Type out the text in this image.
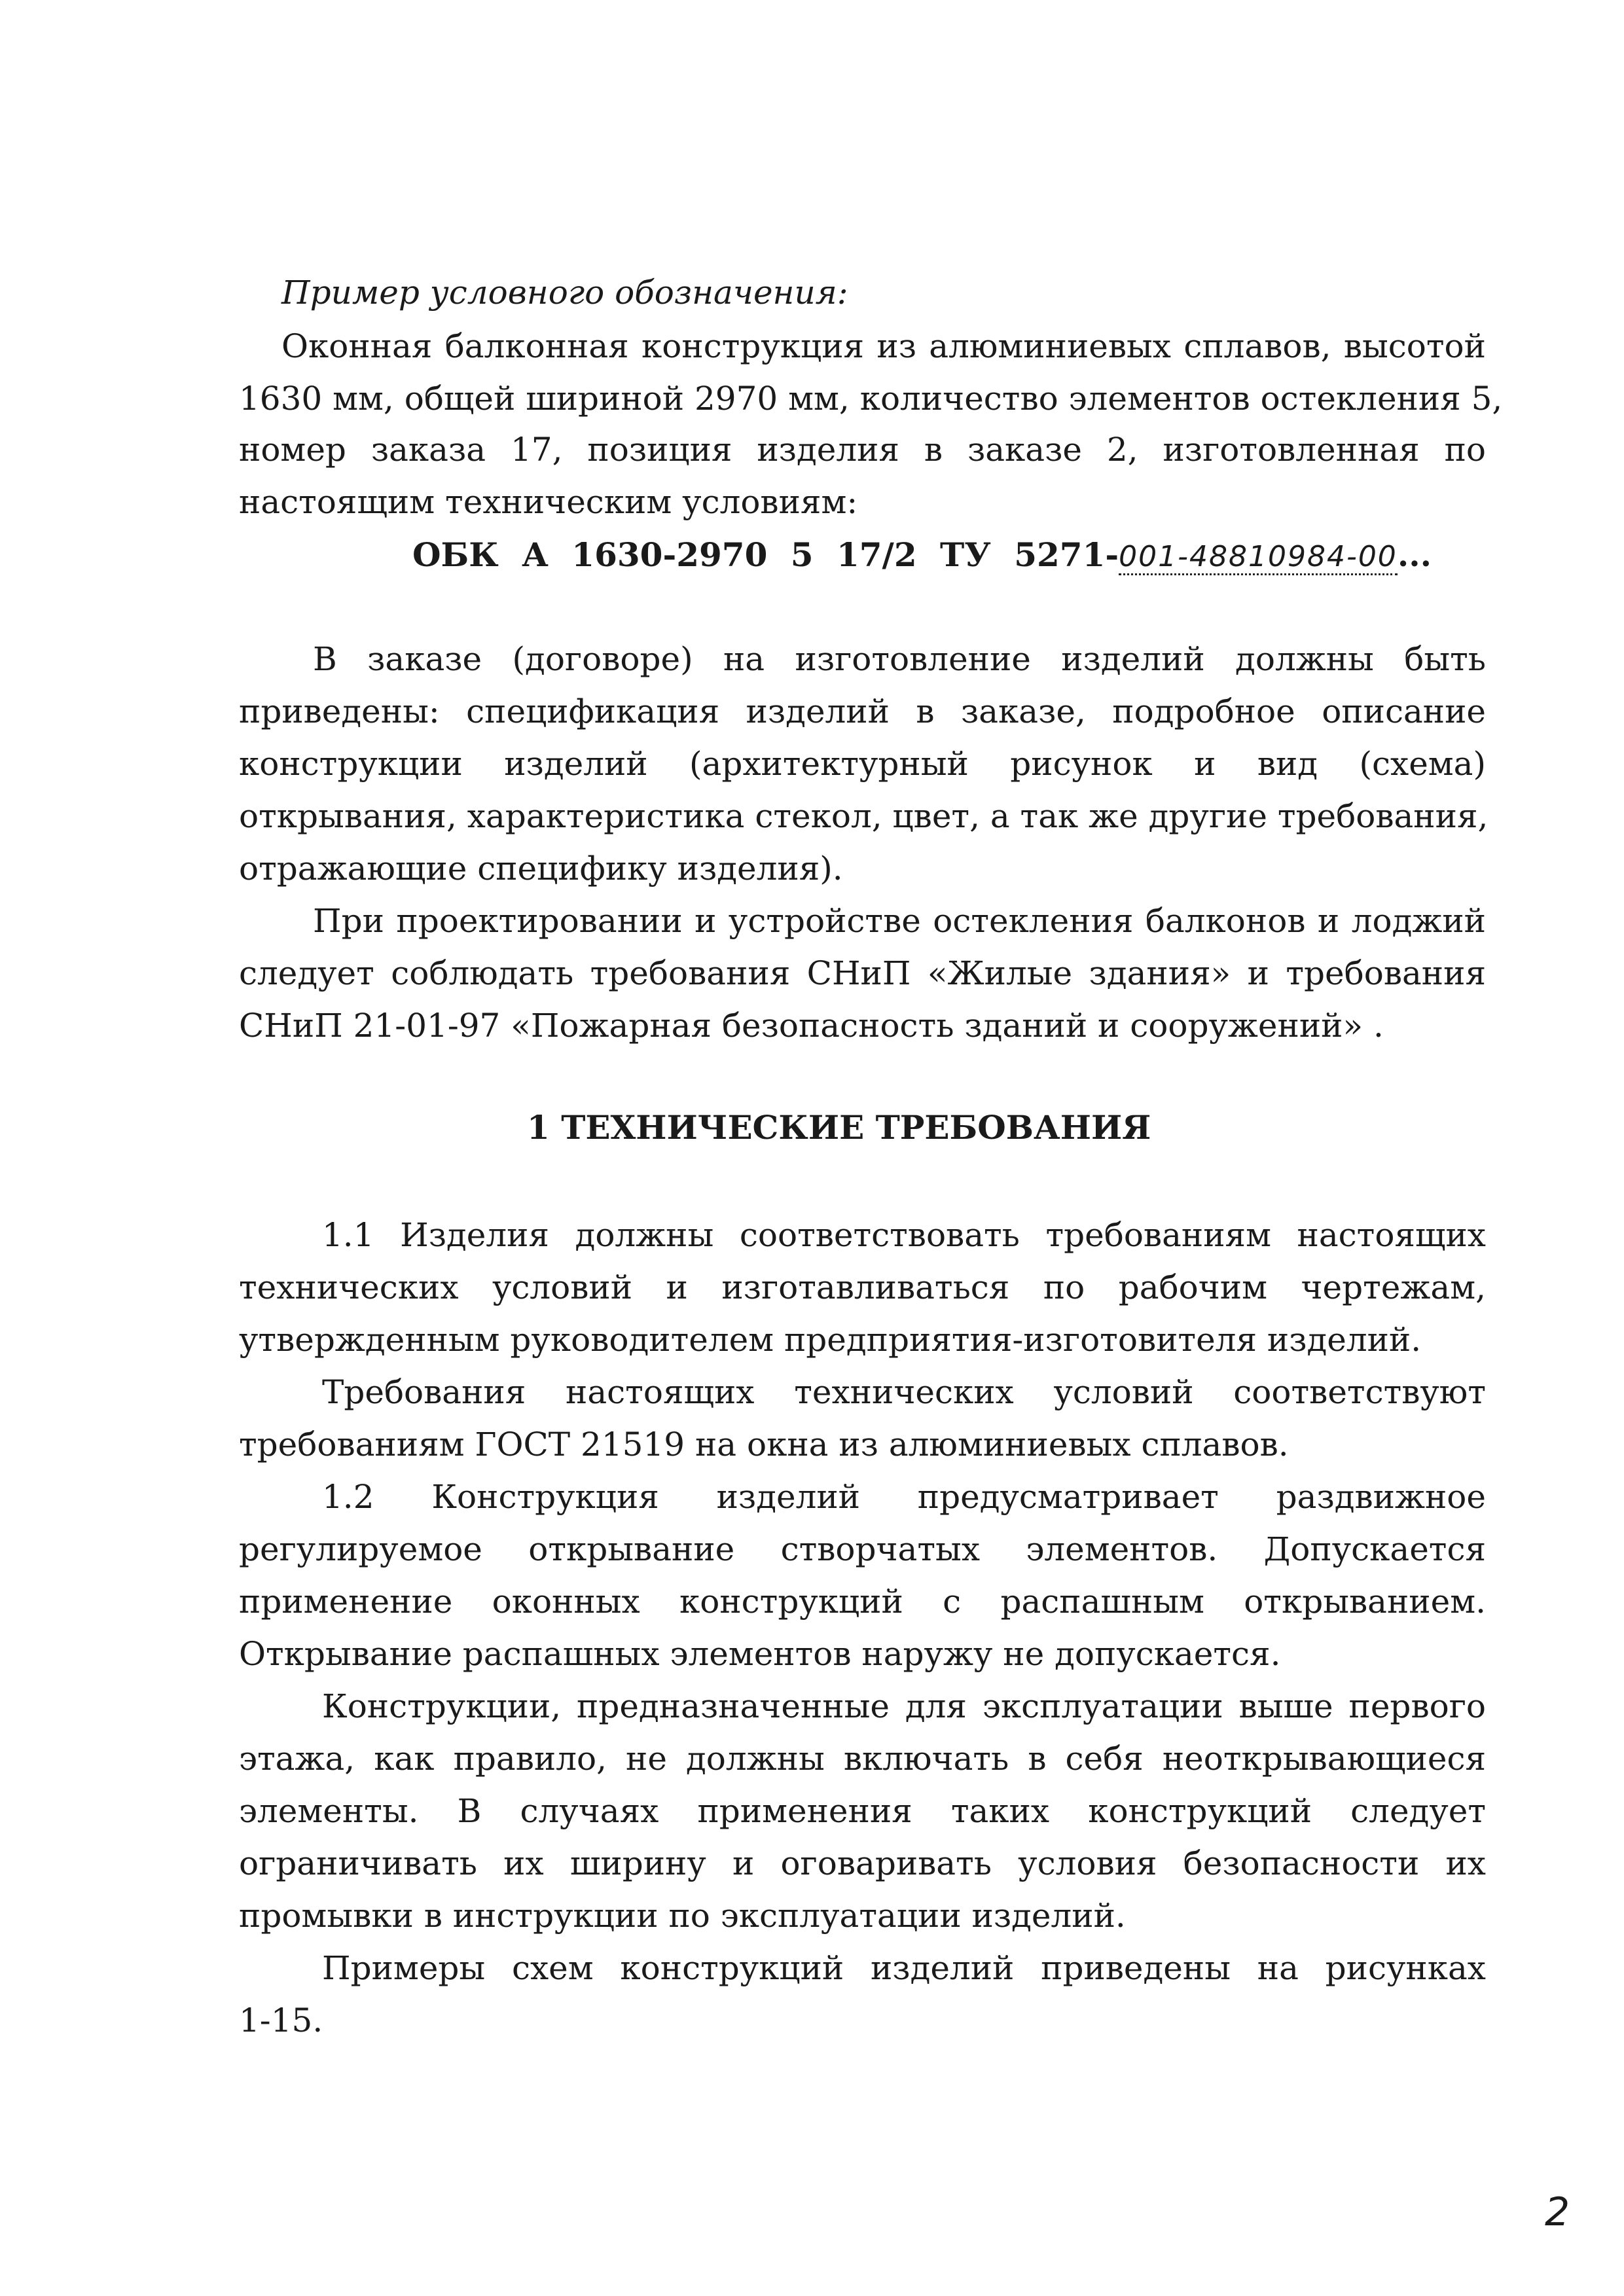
Пример условного обозначения:
Оконная балконная конструкция из алюминиевых сплавов, высотой
1630 мм, общей шириной 2970 мм, количество элементов остекления 5,
номер заказа 17, позиция изделия в заказе 2, изготовленная по
настоящим техническим условиям:
ОБК А 1630-2970 5 17/2 ТУ 5271-001-48810984-00...
В заказе (договоре) на изготовление изделий должны быть
приведены: спецификация изделий в заказе, подробное описание
конструкции изделий (архитектурный рисунок и вид (схема)
открывания, характеристика стекол, цвет, а так же другие требования,
отражающие специфику изделия).
При проектировании и устройстве остекления балконов и лоджий
следует соблюдать требования СНиП «Жилые здания» и требования
СНиП 21-01-97 «Пожарная безопасность зданий и сооружений» .
1 ТЕХНИЧЕСКИЕ ТРЕБОВАНИЯ
1.1 Изделия должны соответствовать требованиям настоящих
технических условий и изготавливаться по рабочим чертежам,
утвержденным руководителем предприятия-изготовителя изделий.
Требования настоящих технических условий соответствуют
требованиям ГОСТ 21519 на окна из алюминиевых сплавов.
1.2 Конструкция изделий предусматривает раздвижное
регулируемое открывание створчатых элементов. Допускается
применение оконных конструкций с распашным открыванием.
Открывание распашных элементов наружу не допускается.
Конструкции, предназначенные для эксплуатации выше первого
этажа, как правило, не должны включать в себя неоткрывающиеся
элементы. В случаях применения таких конструкций следует
ограничивать их ширину и оговаривать условия безопасности их
промывки в инструкции по эксплуатации изделий.
Примеры схем конструкций изделий приведены на рисунках
1-15.
2
